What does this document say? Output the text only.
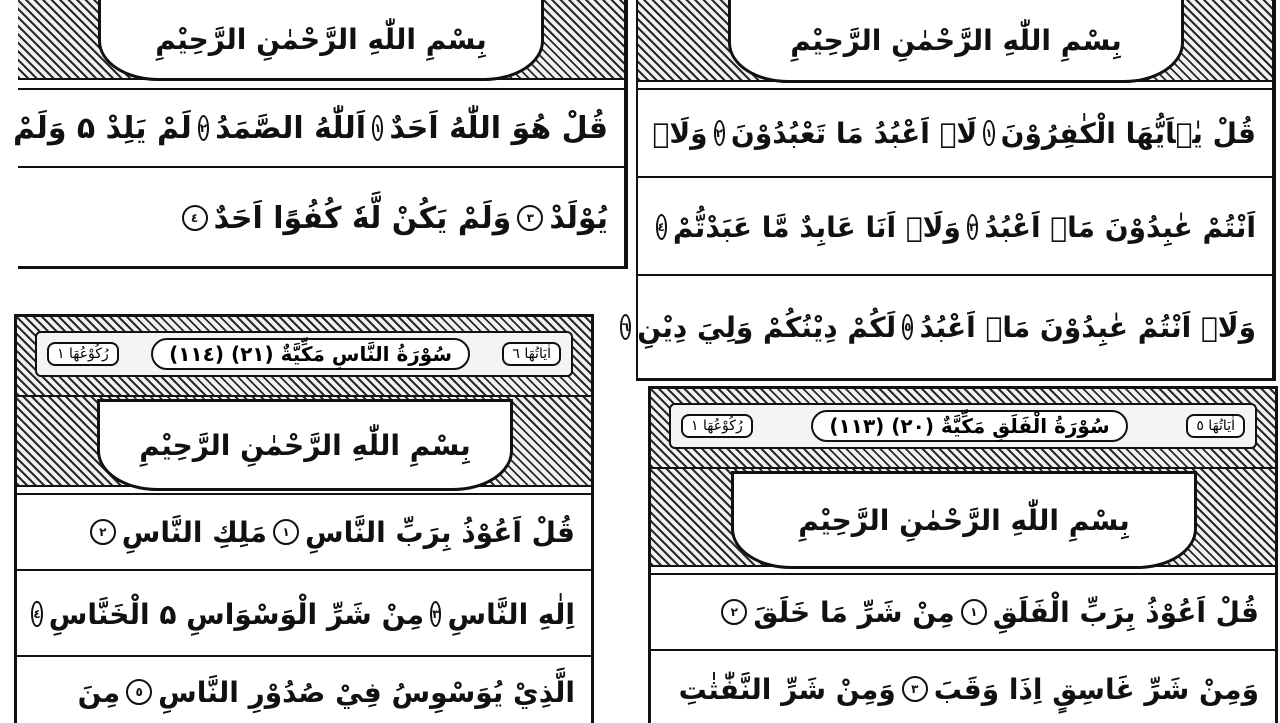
بِسْمِ اللّٰهِ الرَّحْمٰنِ الرَّحِيْمِ
قُلْ هُوَ اللّٰهُ اَحَدٌ
١
اَللّٰهُ الصَّمَدُ
٢
لَمْ يَلِدْ ۵ وَلَمْ
يُوْلَدْ
٣
وَلَمْ يَكُنْ لَّهٗ كُفُوًا اَحَدٌ
٤
بِسْمِ اللّٰهِ الرَّحْمٰنِ الرَّحِيْمِ
قُلْ يٰۤاَيُّهَا الْكٰفِرُوْنَ
١
لَاۤ اَعْبُدُ مَا تَعْبُدُوْنَ
٢
وَلَاۤ
اَنْتُمْ عٰبِدُوْنَ مَاۤ اَعْبُدُ
٣
وَلَاۤ اَنَا عَابِدٌ مَّا عَبَدْتُّمْ
٤
وَلَاۤ اَنْتُمْ عٰبِدُوْنَ مَاۤ اَعْبُدُ
٥
لَكُمْ دِيْنُكُمْ وَلِيَ دِيْنِ
٦
رُكُوْعُهَا ١	(١١٤) سُوْرَةُ النَّاسِ مَكِّيَّةٌ (٢١)	اٰيَاتُهَا ٦
بِسْمِ اللّٰهِ الرَّحْمٰنِ الرَّحِيْمِ
قُلْ اَعُوْذُ بِرَبِّ النَّاسِ
١
مَلِكِ النَّاسِ
٢
اِلٰهِ النَّاسِ
٣
مِنْ شَرِّ الْوَسْوَاسِ ۵ الْخَنَّاسِ
٤
الَّذِيْ يُوَسْوِسُ فِيْ صُدُوْرِ النَّاسِ
٥
مِنَ
رُكُوْعُهَا ١	(١١٣) سُوْرَةُ الْفَلَقِ مَكِّيَّةٌ (٢٠)	اٰيَاتُهَا ٥
بِسْمِ اللّٰهِ الرَّحْمٰنِ الرَّحِيْمِ
قُلْ اَعُوْذُ بِرَبِّ الْفَلَقِ
١
مِنْ شَرِّ مَا خَلَقَ
٢
وَمِنْ شَرِّ غَاسِقٍ اِذَا وَقَبَ
٣
وَمِنْ شَرِّ النَّفّٰثٰتِ
